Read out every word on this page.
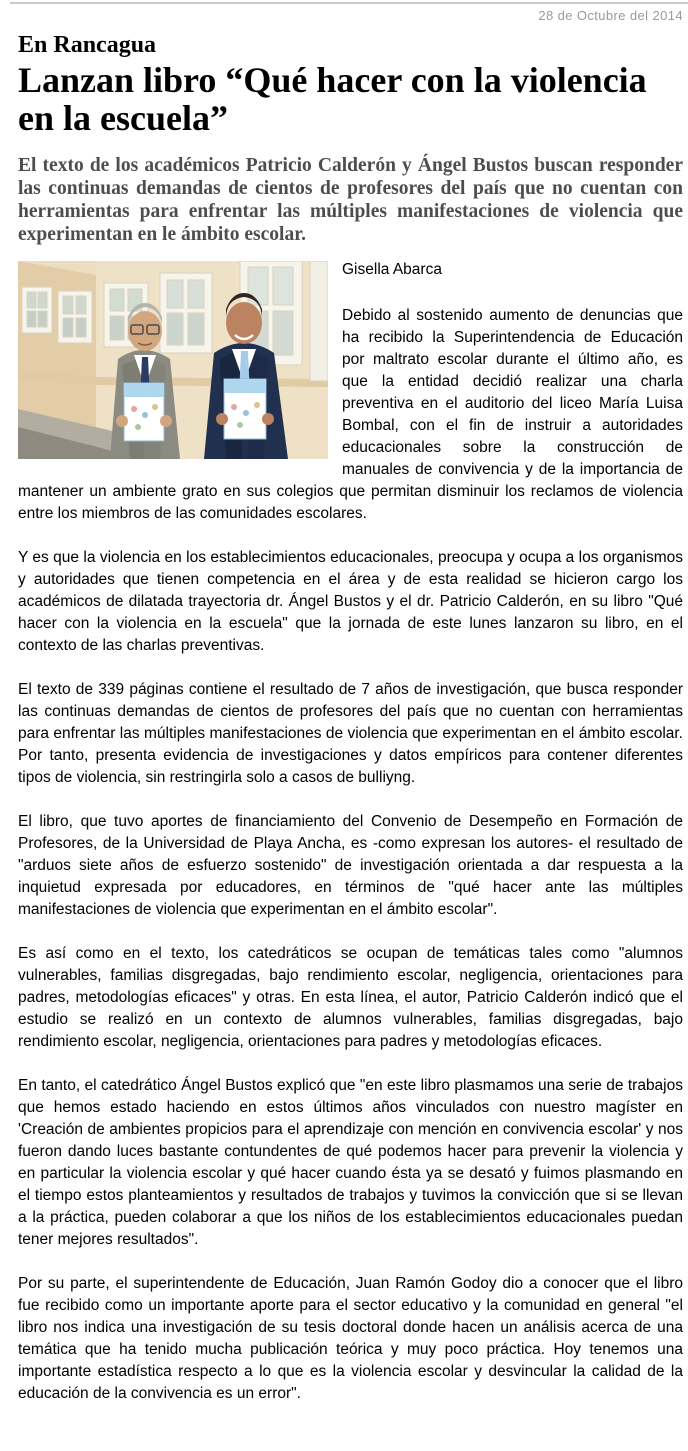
28 de Octubre del 2014
En Rancagua
Lanzan libro “Qué hacer con la violencia en la escuela”

El texto de los académicos Patricio Calderón y Ángel Bustos buscan responder las continuas demandas de cientos de profesores del país que no cuentan con herramientas para enfrentar las múltiples manifestaciones de violencia que experimentan en le ámbito escolar.

Gisella Abarca

Debido al sostenido aumento de denuncias que ha recibido la Superintendencia de Educación por maltrato escolar durante el último año, es que la entidad decidió realizar una charla preventiva en el auditorio del liceo María Luisa Bombal, con el fin de instruir a autoridades educacionales sobre la construcción de manuales de convivencia y de la importancia de mantener un ambiente grato en sus colegios que permitan disminuir los reclamos de violencia entre los miembros de las comunidades escolares.

Y es que la violencia en los establecimientos educacionales, preocupa y ocupa a los organismos y autoridades que tienen competencia en el área y de esta realidad se hicieron cargo los académicos de dilatada trayectoria dr. Ángel Bustos y el dr. Patricio Calderón, en su libro "Qué hacer con la violencia en la escuela" que la jornada de este lunes lanzaron su libro, en el contexto de las charlas preventivas.

El texto de 339 páginas contiene el resultado de 7 años de investigación, que busca responder las continuas demandas de cientos de profesores del país que no cuentan con herramientas para enfrentar las múltiples manifestaciones de violencia que experimentan en el ámbito escolar. Por tanto, presenta evidencia de investigaciones y datos empíricos para contener diferentes tipos de violencia, sin restringirla solo a casos de bulliyng.

El libro, que tuvo aportes de financiamiento del Convenio de Desempeño en Formación de Profesores, de la Universidad de Playa Ancha, es -como expresan los autores- el resultado de "arduos siete años de esfuerzo sostenido" de investigación orientada a dar respuesta a la inquietud expresada por educadores, en términos de "qué hacer ante las múltiples manifestaciones de violencia que experimentan en el ámbito escolar".

Es así como en el texto, los catedráticos se ocupan de temáticas tales como "alumnos vulnerables, familias disgregadas, bajo rendimiento escolar, negligencia, orientaciones para padres, metodologías eficaces" y otras. En esta línea, el autor, Patricio Calderón indicó que el estudio se realizó en un contexto de alumnos vulnerables, familias disgregadas, bajo rendimiento escolar, negligencia, orientaciones para padres y metodologías eficaces.

En tanto, el catedrático Ángel Bustos explicó que "en este libro plasmamos una serie de trabajos que hemos estado haciendo en estos últimos años vinculados con nuestro magíster en 'Creación de ambientes propicios para el aprendizaje con mención en convivencia escolar' y nos fueron dando luces bastante contundentes de qué podemos hacer para prevenir la violencia y en particular la violencia escolar y qué hacer cuando ésta ya se desató y fuimos plasmando en el tiempo estos planteamientos y resultados de trabajos y tuvimos la convicción que si se llevan a la práctica, pueden colaborar a que los niños de los establecimientos educacionales puedan tener mejores resultados".

Por su parte, el superintendente de Educación, Juan Ramón Godoy dio a conocer que el libro fue recibido como un importante aporte para el sector educativo y la comunidad en general "el libro nos indica una investigación de su tesis doctoral donde hacen un análisis acerca de una temática que ha tenido mucha publicación teórica y muy poco práctica. Hoy tenemos una importante estadística respecto a lo que es la violencia escolar y desvincular la calidad de la educación de la convivencia es un error".
